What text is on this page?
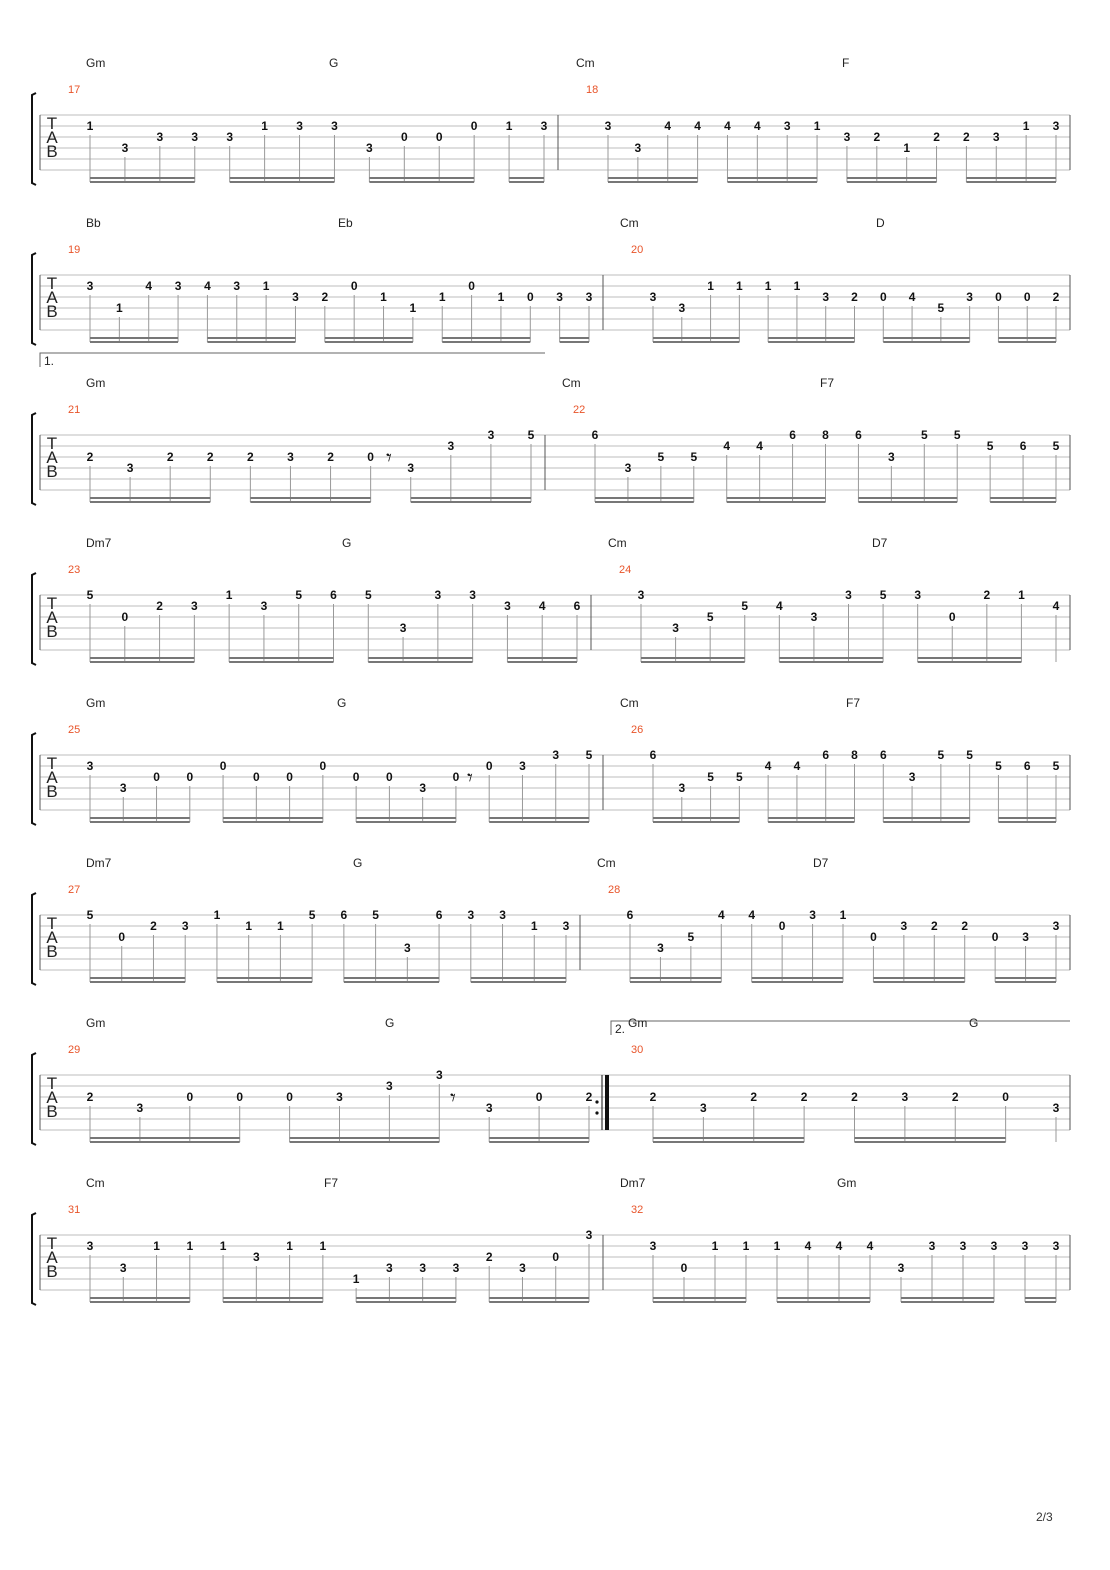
T
A
B
Gm	G	Cm	F
17
1
3
3 3 3
1 3 3
3
0 0
0 1 3
18
3
3
4 4 4 4 3 1
3 2
1
2 2 3
1 3
T
A
B
Bb	Eb	Cm	D
19
3
1
4 3 4 3 1
3 2
0
1
1
1
0
1 0 3 3
20
3
3
1 1 1 1
3 2 0 4
5
3 0 0 2
T
A
B
1.
Gm	Cm	F7
21
2
3
2	2	2	3	2	0
3
3
3	5
22
6
3
5 5
4 4
6 8 6
3
5 5
5 6 5
𝄾
T
A
B
Dm7	G	Cm	D7
23
5
0
2 3
1
3
5 6 5
3
3 3
3 4 6
24
3
3
5
5 4
3
3 5 3
0
2 1
4
T
A
B
Gm	G	Cm	F7
25
3
3
0 0
0
0 0
0
0 0
3
0
0 3
3 5
26
6
3
5 5
4 4
6 8 6
3
5 5
5 6 5
𝄾
T
A
B
Dm7	G	Cm	D7
27
5
0
2 3
1
1 1
5 6 5
3
6 3 3
1 3
28
6
3
5
4 4
0
3 1
0
3 2 2
0 3
3
T
A
B
2.
Gm	G	Gm	G
29
2
3
0	0	0	3
3
3
3
0	2
30
2
3
2	2	2	3	2	0
3
𝄾
T
A
B
Cm	F7	Dm7	Gm
31
3
3
1 1 1
3
1 1
1
3 3 3
2
3
0
3
32
3
0
1 1 1 4 4 4
3
3 3 3 3 3
2/3
